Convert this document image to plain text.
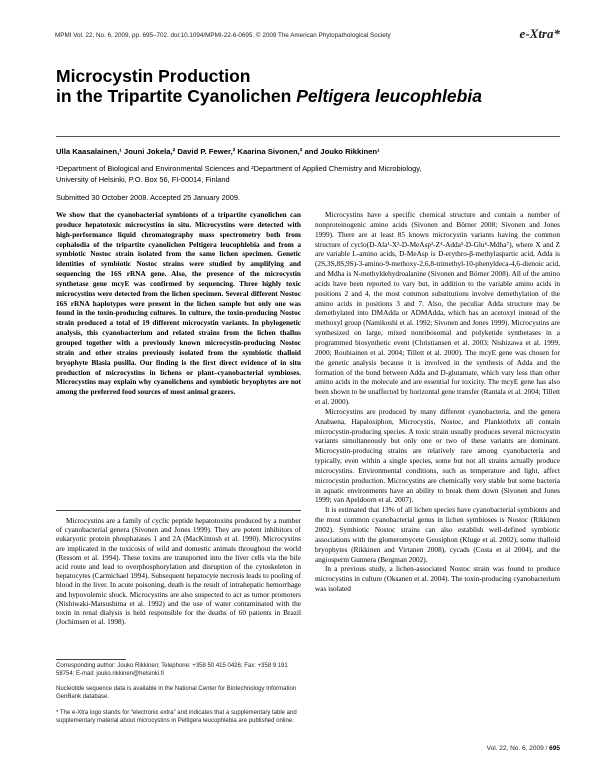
MPMI Vol. 22, No. 6, 2009, pp. 695–702. doi:10.1094/MPMI-22-6-0695. © 2009 The American Phytopathological Society	e-Xtra*
Microcystin Production
in the Tripartite Cyanolichen Peltigera leucophlebia
Ulla Kaasalainen,¹ Jouni Jokela,² David P. Fewer,² Kaarina Sivonen,² and Jouko Rikkinen¹
¹Department of Biological and Environmental Sciences and ²Department of Applied Chemistry and Microbiology,
University of Helsinki, P.O. Box 56, FI-00014, Finland
Submitted 30 October 2008. Accepted 25 January 2009.
We show that the cyanobacterial symbionts of a tripartite cyanolichen can produce hepatotoxic microcystins in situ. Microcystins were detected with high-performance liquid chromatography mass spectrometry both from cephalodia of the tripartite cyanolichen Peltigera leucophlebia and from a symbiotic Nostoc strain isolated from the same lichen specimen. Genetic identities of symbiotic Nostoc strains were studied by amplifying and sequencing the 16S rRNA gene. Also, the presence of the microcystin synthetase gene mcyE was confirmed by sequencing. Three highly toxic microcystins were detected from the lichen specimen. Several different Nostoc 16S rRNA haplotypes were present in the lichen sample but only one was found in the toxin-producing cultures. In culture, the toxin-producing Nostoc strain produced a total of 19 different microcystin variants. In phylogenetic analysis, this cyanobacterium and related strains from the lichen thallus grouped together with a previously known microcystin-producing Nostoc strain and other strains previously isolated from the symbiotic thalloid bryophyte Blasia pusilla. Our finding is the first direct evidence of in situ production of microcystins in lichens or plant–cyanobacterial symbioses. Microcystins may explain why cyanolichens and symbiotic bryophytes are not among the preferred food sources of most animal grazers.
Microcystins are a family of cyclic peptide hepatotoxins produced by a number of cyanobacterial genera (Sivonen and Jones 1999). They are potent inhibitors of eukaryotic protein phosphatases 1 and 2A (MacKintosh et al. 1990). Microcystins are implicated in the toxicosis of wild and domestic animals throughout the world (Ressom et al. 1994). These toxins are transported into the liver cells via the bile acid route and lead to overphosphorylation and disruption of the cytoskeleton in hepatocytes (Carmichael 1994). Subsequent hepatocyte necrosis leads to pooling of blood in the liver. In acute poisoning, death is the result of intrahepatic hemorrhage and hypovolemic shock. Microcystins are also suspected to act as tumor promoters (Nishiwaki-Matsushima et al. 1992) and the use of water contaminated with the toxin in renal dialysis is held responsible for the deaths of 60 patients in Brazil (Jochimsen et al. 1998).
Corresponding author: Jouko Rikkinen; Telephone: +358 50 415 0426; Fax: +358 9 191 58754; E-mail: jouko.rikkinen@helsinki.fi
Nucleotide sequence data is available in the National Center for Biotechnology Information GenBank database.
* The e-Xtra logo stands for “electronic extra” and indicates that a supplementary table and supplementary material about microcystins in Peltigera leucophlebia are published online.

Microcystins have a specific chemical structure and contain a number of nonproteinogenic amino acids (Sivonen and Börner 2008; Sivonen and Jones 1999). There are at least 85 known microcystin variants having the common structure of cyclo(D-Ala¹-X²-D-MeAsp³-Z⁴-Adda⁵-D-Glu⁶-Mdha⁷), where X and Z are variable L-amino acids, D-MeAsp is D-erythro-β-methylaspartic acid, Adda is (2S,3S,8S,9S)-3-amino-9-methoxy-2,6,8-trimethyl-10-phenyldeca-4,6-dienoic acid, and Mdha is N-methyldehydroalanine (Sivonen and Börner 2008). All of the amino acids have been reported to vary but, in addition to the variable amino acids in positions 2 and 4, the most common substitutions involve demethylation of the amino acids in positions 3 and 7. Also, the peculiar Adda structure may be demethylated into DMAdda or ADMAdda, which has an acetoxyl instead of the methoxyl group (Namikoshi et al. 1992; Sivonen and Jones 1999). Microcystins are synthesized on large, mixed nonribosomal and polyketide synthetases in a programmed biosynthetic event (Christiansen et al. 2003; Nishizawa et al. 1999, 2000; Rouhiainen et al. 2004; Tillett et al. 2000). The mcyE gene was chosen for the genetic analysis because it is involved in the synthesis of Adda and the formation of the bond between Adda and D-glutamate, which vary less than other amino acids in the molecule and are essential for toxicity. The mcyE gene has also been shown to be unaffected by horizontal gene transfer (Rantala et al. 2004; Tillett et al. 2000).

Microcystins are produced by many different cyanobacteria, and the genera Anabaena, Hapalosiphon, Microcystis, Nostoc, and Planktothrix all contain microcystin-producing species. A toxic strain usually produces several microcystin variants simultaneously but only one or two of these variants are dominant. Microcystin-producing strains are relatively rare among cyanobacteria and typically, even within a single species, some but not all strains actually produce microcystins. Environmental conditions, such as temperature and light, affect microcystin production. Microcystins are chemically very stable but some bacteria in aquatic environments have an ability to break them down (Sivonen and Jones 1999; van Apeldoorn et al. 2007).

It is estimated that 13% of all lichen species have cyanobacterial symbionts and the most common cyanobacterial genus in lichen symbioses is Nostoc (Rikkinen 2002). Symbiotic Nostoc strains can also establish well-defined symbiotic associations with the glomeromycete Geosiphon (Kluge et al. 2002), some thalloid bryophytes (Rikkinen and Virtanen 2008), cycads (Costa et al 2004), and the angiosperm Gunnera (Bergman 2002).

In a previous study, a lichen-associated Nostoc strain was found to produce microcystins in culture (Oksanen et al. 2004). The toxin-producing cyanobacterium was isolated

Vol. 22, No. 6, 2009 / 695
